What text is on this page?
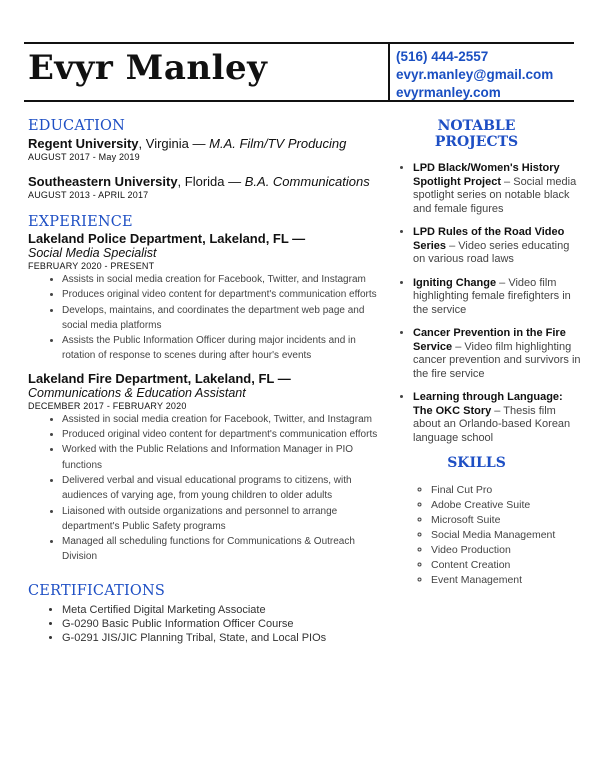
Evyr Manley	(516) 444-2557
evyr.manley@gmail.com
evyrmanley.com
EDUCATION
Regent University, Virginia — M.A. Film/TV Producing
AUGUST 2017 - May 2019
Southeastern University, Florida — B.A. Communications
AUGUST 2013 - APRIL 2017
EXPERIENCE
Lakeland Police Department, Lakeland, FL —
Social Media Specialist
FEBRUARY 2020 - PRESENT
• Assists in social media creation for Facebook, Twitter, and Instagram
• Produces original video content for department's communication efforts
• Develops, maintains, and coordinates the department web page and social media platforms
• Assists the Public Information Officer during major incidents and in rotation of response to scenes during after hour's events
Lakeland Fire Department, Lakeland, FL —
Communications & Education Assistant
DECEMBER 2017 - FEBRUARY 2020
• Assisted in social media creation for Facebook, Twitter, and Instagram
• Produced original video content for department's communication efforts
• Worked with the Public Relations and Information Manager in PIO functions
• Delivered verbal and visual educational programs to citizens, with audiences of varying age, from young children to older adults
• Liaisoned with outside organizations and personnel to arrange department's Public Safety programs
• Managed all scheduling functions for Communications & Outreach Division
CERTIFICATIONS
• Meta Certified Digital Marketing Associate
• G-0290 Basic Public Information Officer Course
• G-0291 JIS/JIC Planning Tribal, State, and Local PIOs
NOTABLE PROJECTS
• LPD Black/Women's History Spotlight Project – Social media spotlight series on notable black and female figures
• LPD Rules of the Road Video Series – Video series educating on various road laws
• Igniting Change – Video film highlighting female firefighters in the service
• Cancer Prevention in the Fire Service – Video film highlighting cancer prevention and survivors in the fire service
• Learning through Language: The OKC Story – Thesis film about an Orlando-based Korean language school
SKILLS
◦ Final Cut Pro
◦ Adobe Creative Suite
◦ Microsoft Suite
◦ Social Media Management
◦ Video Production
◦ Content Creation
◦ Event Management
